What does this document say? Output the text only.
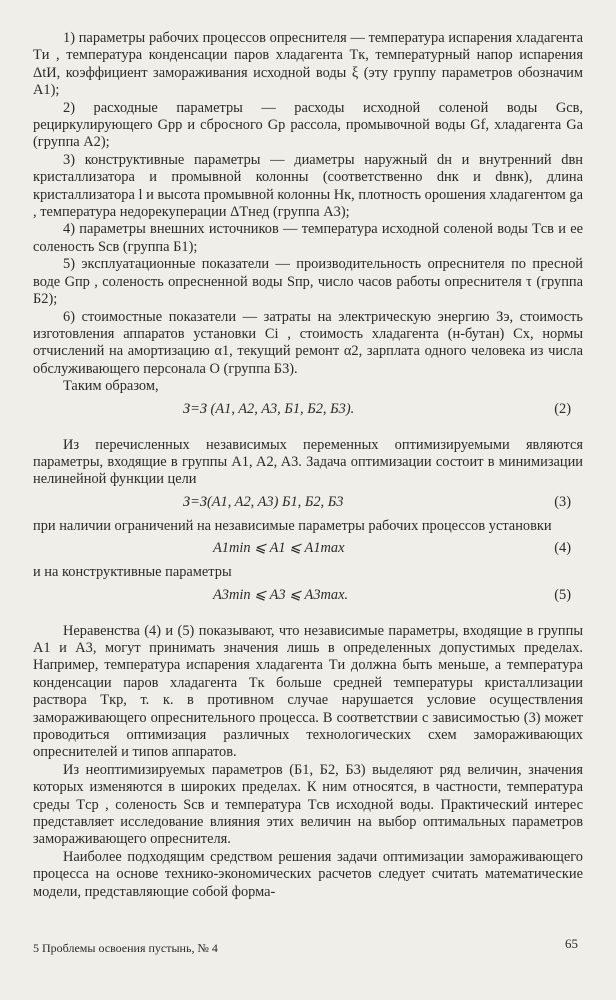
1) параметры рабочих процессов опреснителя — температура испарения хладагента Tи , температура конденсации паров хладагента Tк, температурный напор испарения ΔtИ, коэффициент замораживания исходной воды ξ (эту группу параметров обозначим A1);

2) расходные параметры — расходы исходной соленой воды Gсв, рециркулирующего Gpр и сбросного Gр рассола, промывочной воды Gf, хладагента Gа (группа A2);

3) конструктивные параметры — диаметры наружный dн и внутренний dвн кристаллизатора и промывной колонны (соответственно dнк и dвнк), длина кристаллизатора l и высота промывной колонны Hк, плотность орошения хладагентом gа , температура недорекуперации ΔTнед (группа A3);

4) параметры внешних источников — температура исходной соленой воды Tсв и ее соленость Sсв (группа Б1);

5) эксплуатационные показатели — производительность опреснителя по пресной воде Gпр , соленость опресненной воды Sпр, число часов работы опреснителя τ (группа Б2);

6) стоимостные показатели — затраты на электрическую энергию Зэ, стоимость изготовления аппаратов установки Ci , стоимость хладагента (н-бутан) Cх, нормы отчислений на амортизацию α1, текущий ремонт α2, зарплата одного человека из числа обслуживающего персонала O (группа Б3).

Таким образом,

З=З (A1, A2, A3, Б1, Б2, Б3).	(2)

Из перечисленных независимых переменных оптимизируемыми являются параметры, входящие в группы A1, A2, A3. Задача оптимизации состоит в минимизации нелинейной функции цели

З=З(A1, A2, A3) Б1, Б2, Б3	(3)

при наличии ограничений на независимые параметры рабочих процессов установки

A1min ⩽ A1 ⩽ A1max	(4)

и на конструктивные параметры

A3min ⩽ A3 ⩽ A3max.	(5)

Неравенства (4) и (5) показывают, что независимые параметры, входящие в группы A1 и A3, могут принимать значения лишь в определенных допустимых пределах. Например, температура испарения хладагента Tи должна быть меньше, а температура конденсации паров хладагента Tк больше средней температуры кристаллизации раствора Tкр, т. к. в противном случае нарушается условие осуществления замораживающего опреснительного процесса. В соответствии с зависимостью (3) может проводиться оптимизация различных технологических схем замораживающих опреснителей и типов аппаратов.

Из неоптимизируемых параметров (Б1, Б2, Б3) выделяют ряд величин, значения которых изменяются в широких пределах. К ним относятся, в частности, температура среды Tср , соленость Sсв и температура Tсв исходной воды. Практический интерес представляет исследование влияния этих величин на выбор оптимальных параметров замораживающего опреснителя.

Наиболее подходящим средством решения задачи оптимизации замораживающего процесса на основе технико-экономических расчетов следует считать математические модели, представляющие собой форма-

5 Проблемы освоения пустынь, № 4	65
